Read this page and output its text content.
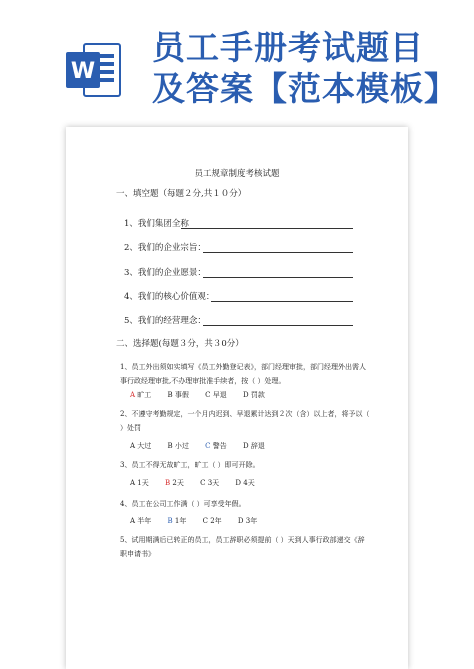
W
员工手册考试题目
及答案【范本模板】
员工规章制度考核试题
一、填空题（每题２分,共１０分）
1、我们集团全称
2、我们的企业宗旨：
3、我们的企业愿景：
4、我们的核心价值观：
5、我们的经营理念：
二、选择题(每题３分，共３0分）
1、员工外出须如实填写《员工外勤登记表》，部门经理审批，部门经理外出需人事行政经理审批,不办理审批准手续者，按（ ）处理。
A 旷工 B 事假 C 早退 D 罚款
2、不遵守考勤规定，一个月内迟到、早退累计达到２次（含）以上者，将予以（ ）处罚
A 大过 B 小过 C 警告 D 辞退
3、员工不得无故旷工，旷工（ ）即可开除。
A 1天 B 2天 C 3天 D 4天
4、员工在公司工作满（ ）可享受年假。
A 半年 B 1年 C 2年 D 3年
5、试用期满后已转正的员工，员工辞职必须提前（ ）天到人事行政部递交《辞职申请书》
